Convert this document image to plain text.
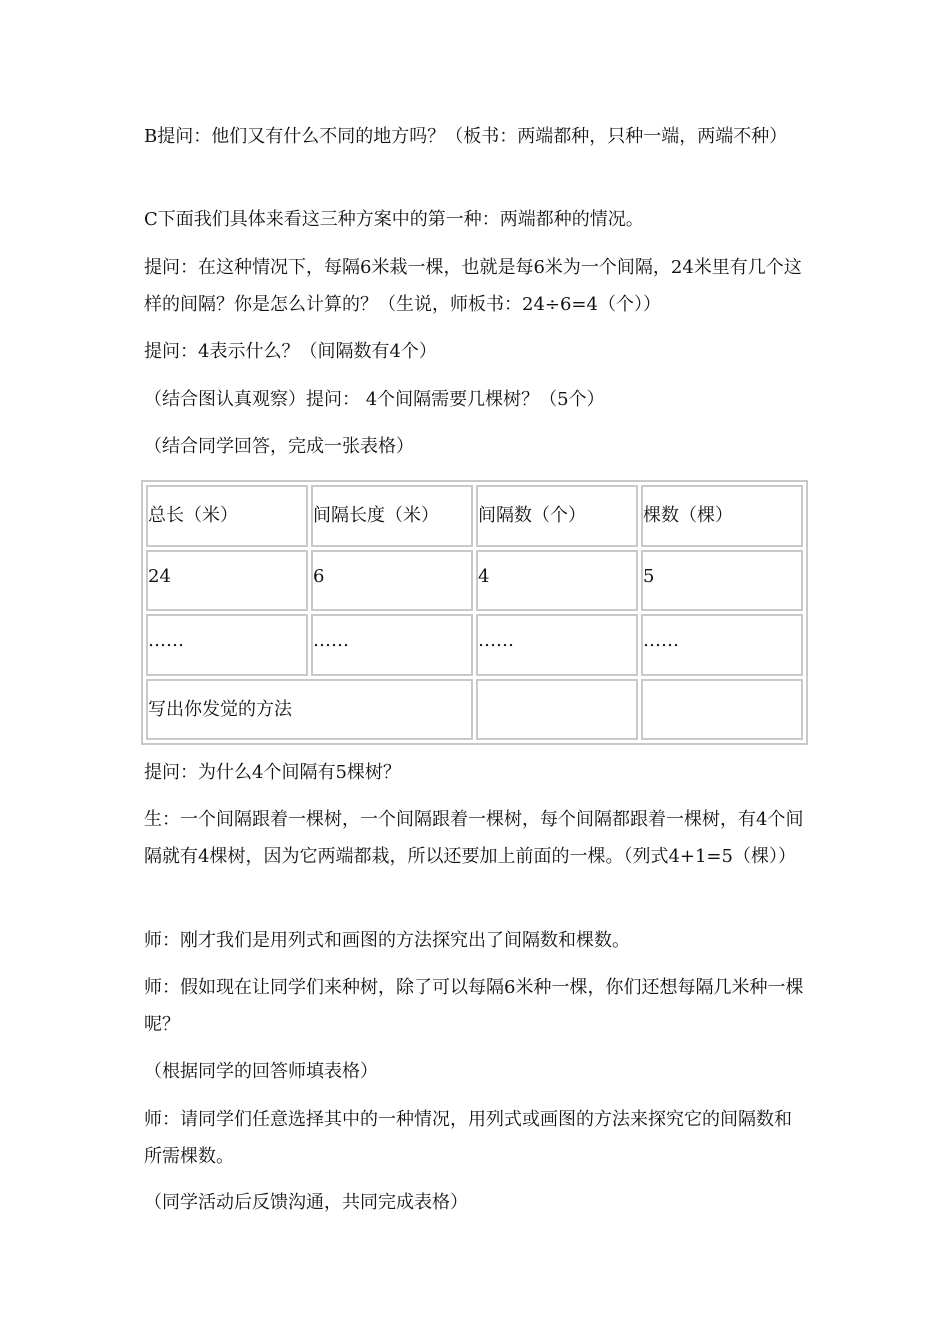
B提问：他们又有什么不同的地方吗？（板书：两端都种，只种一端，两端不种）

C下面我们具体来看这三种方案中的第一种：两端都种的情况。

提问：在这种情况下，每隔6米栽一棵，也就是每6米为一个间隔，24米里有几个这样的间隔？你是怎么计算的？（生说，师板书：24÷6=4（个））

提问：4表示什么？（间隔数有4个）

（结合图认真观察）提问： 4个间隔需要几棵树？（5个）

（结合同学回答，完成一张表格）

总长（米）	间隔长度（米）	间隔数（个）	棵数（棵）
24	6	4	5
……	……	……	……
写出你发觉的方法			

提问：为什么4个间隔有5棵树？

生：一个间隔跟着一棵树，一个间隔跟着一棵树，每个间隔都跟着一棵树，有4个间隔就有4棵树，因为它两端都栽，所以还要加上前面的一棵。（列式4+1=5（棵））

师：刚才我们是用列式和画图的方法探究出了间隔数和棵数。

师：假如现在让同学们来种树，除了可以每隔6米种一棵，你们还想每隔几米种一棵呢？

（根据同学的回答师填表格）

师：请同学们任意选择其中的一种情况，用列式或画图的方法来探究它的间隔数和所需棵数。

（同学活动后反馈沟通，共同完成表格）
